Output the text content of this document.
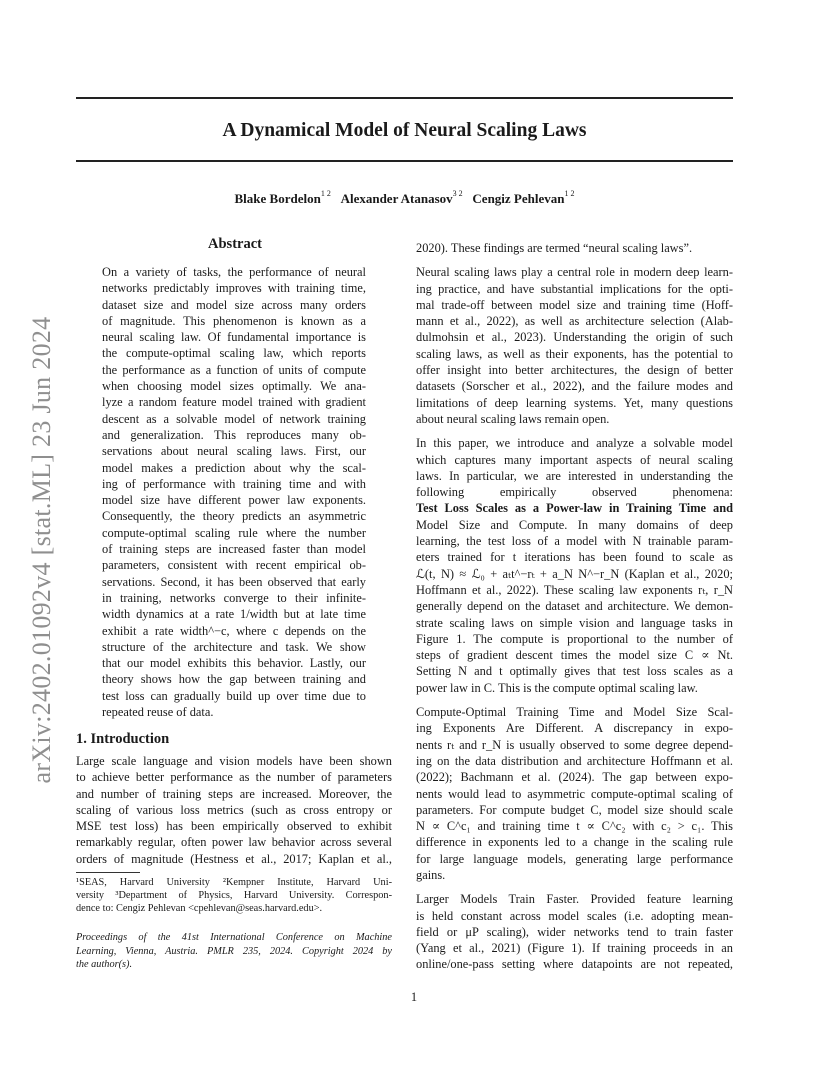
A Dynamical Model of Neural Scaling Laws
Blake Bordelon$^{1 2}$ Alexander Atanasov$^{3 2}$ Cengiz Pehlevan$^{1 2}$
arXiv:2402.01092v4 [stat.ML] 23 Jun 2024
Abstract
On a variety of tasks, the performance of neural
networks predictably improves with training time,
dataset size and model size across many orders
of magnitude. This phenomenon is known as a
neural scaling law. Of fundamental importance is
the compute-optimal scaling law, which reports
the performance as a function of units of compute
when choosing model sizes optimally. We ana-
lyze a random feature model trained with gradient
descent as a solvable model of network training
and generalization. This reproduces many ob-
servations about neural scaling laws. First, our
model makes a prediction about why the scal-
ing of performance with training time and with
model size have different power law exponents.
Consequently, the theory predicts an asymmetric
compute-optimal scaling rule where the number
of training steps are increased faster than model
parameters, consistent with recent empirical ob-
servations. Second, it has been observed that early
in training, networks converge to their infinite-
width dynamics at a rate 1/width but at late time
exhibit a rate width^−c, where c depends on the
structure of the architecture and task. We show
that our model exhibits this behavior. Lastly, our
theory shows how the gap between training and
test loss can gradually build up over time due to
repeated reuse of data.
1. Introduction
Large scale language and vision models have been shown
to achieve better performance as the number of parameters
and number of training steps are increased. Moreover, the
scaling of various loss metrics (such as cross entropy or
MSE test loss) has been empirically observed to exhibit
remarkably regular, often power law behavior across several
orders of magnitude (Hestness et al., 2017; Kaplan et al.,
¹SEAS, Harvard University ²Kempner Institute, Harvard Uni-
versity ³Department of Physics, Harvard University. Correspon-
dence to: Cengiz Pehlevan <cpehlevan@seas.harvard.edu>.
Proceedings of the 41st International Conference on Machine
Learning, Vienna, Austria. PMLR 235, 2024. Copyright 2024 by
the author(s).
2020). These findings are termed “neural scaling laws”.
Neural scaling laws play a central role in modern deep learn-
ing practice, and have substantial implications for the opti-
mal trade-off between model size and training time (Hoff-
mann et al., 2022), as well as architecture selection (Alab-
dulmohsin et al., 2023). Understanding the origin of such
scaling laws, as well as their exponents, has the potential to
offer insight into better architectures, the design of better
datasets (Sorscher et al., 2022), and the failure modes and
limitations of deep learning systems. Yet, many questions
about neural scaling laws remain open.
In this paper, we introduce and analyze a solvable model
which captures many important aspects of neural scaling
laws. In particular, we are interested in understanding the
following empirically observed phenomena:
Test Loss Scales as a Power-law in Training Time and
Model Size and Compute. In many domains of deep
learning, the test loss of a model with N trainable param-
eters trained for t iterations has been found to scale as
ℒ(t, N) ≈ ℒ₀ + aₜt^−rₜ + a_N N^−r_N (Kaplan et al., 2020;
Hoffmann et al., 2022). These scaling law exponents rₜ, r_N
generally depend on the dataset and architecture. We demon-
strate scaling laws on simple vision and language tasks in
Figure 1. The compute is proportional to the number of
steps of gradient descent times the model size C ∝ Nt.
Setting N and t optimally gives that test loss scales as a
power law in C. This is the compute optimal scaling law.
Compute-Optimal Training Time and Model Size Scal-
ing Exponents Are Different. A discrepancy in expo-
nents rₜ and r_N is usually observed to some degree depend-
ing on the data distribution and architecture Hoffmann et al.
(2022); Bachmann et al. (2024). The gap between expo-
nents would lead to asymmetric compute-optimal scaling of
parameters. For compute budget C, model size should scale
N ∝ C^c₁ and training time t ∝ C^c₂ with c₂ > c₁. This
difference in exponents led to a change in the scaling rule
for large language models, generating large performance
gains.
Larger Models Train Faster. Provided feature learning
is held constant across model scales (i.e. adopting mean-
field or μP scaling), wider networks tend to train faster
(Yang et al., 2021) (Figure 1). If training proceeds in an
online/one-pass setting where datapoints are not repeated,
1
